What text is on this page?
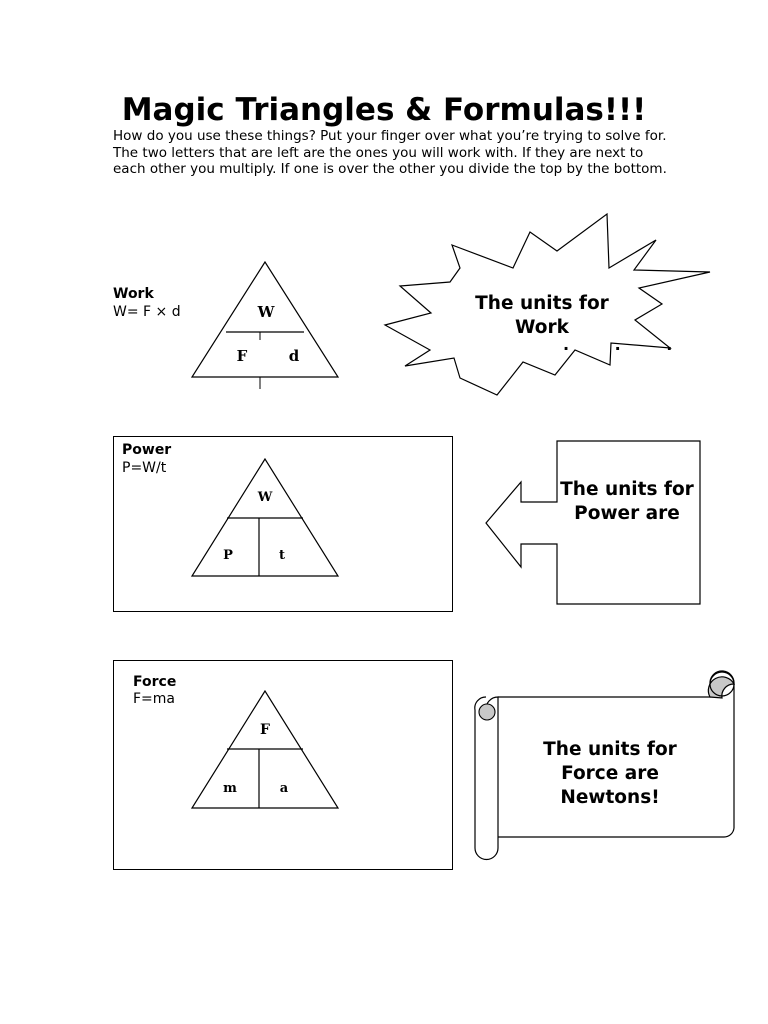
Magic Triangles & Formulas!!!
How do you use these things? Put your finger over what you’re trying to solve for. The two letters that are left are the ones you will work with. If they are next to each other you multiply. If one is over the other you divide the top by the bottom.
Work
W= F × d	W
F	d
The units for
Work
. . .
Power
P=W/t
W
P	t
The units for Power are
Force
F=ma
F
m	a
The units for Force are Newtons!
